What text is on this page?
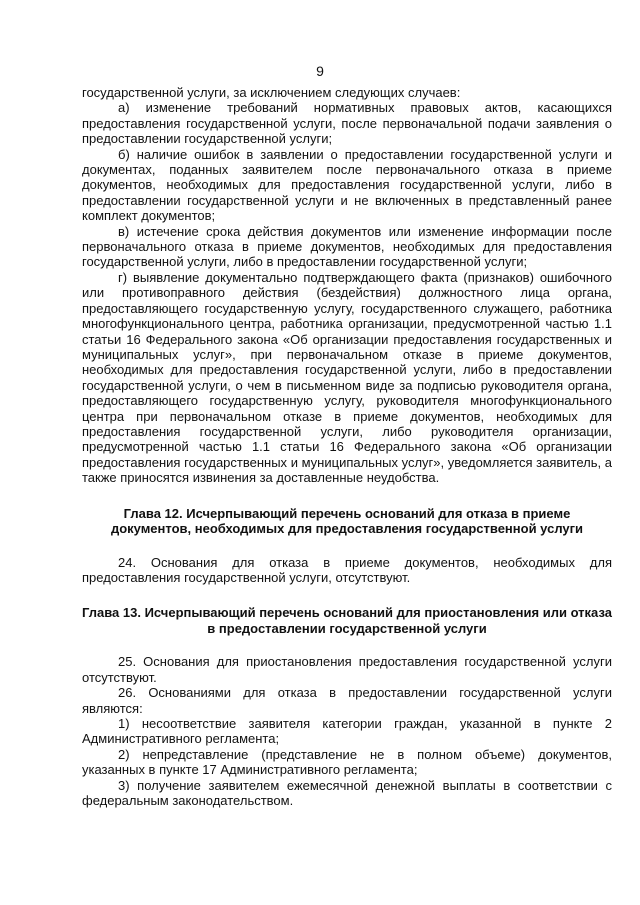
9

государственной услуги, за исключением следующих случаев:

а) изменение требований нормативных правовых актов, касающихся предоставления государственной услуги, после первоначальной подачи заявления о предоставлении государственной услуги;

б) наличие ошибок в заявлении о предоставлении государственной услуги и документах, поданных заявителем после первоначального отказа в приеме документов, необходимых для предоставления государственной услуги, либо в предоставлении государственной услуги и не включенных в представленный ранее комплект документов;

в) истечение срока действия документов или изменение информации после первоначального отказа в приеме документов, необходимых для предоставления государственной услуги, либо в предоставлении государственной услуги;

г) выявление документально подтверждающего факта (признаков) ошибочного или противоправного действия (бездействия) должностного лица органа, предоставляющего государственную услугу, государственного служащего, работника многофункционального центра, работника организации, предусмотренной частью 1.1 статьи 16 Федерального закона «Об организации предоставления государственных и муниципальных услуг», при первоначальном отказе в приеме документов, необходимых для предоставления государственной услуги, либо в предоставлении государственной услуги, о чем в письменном виде за подписью руководителя органа, предоставляющего государственную услугу, руководителя многофункционального центра при первоначальном отказе в приеме документов, необходимых для предоставления государственной услуги, либо руководителя организации, предусмотренной частью 1.1 статьи 16 Федерального закона «Об организации предоставления государственных и муниципальных услуг», уведомляется заявитель, а также приносятся извинения за доставленные неудобства.

Глава 12. Исчерпывающий перечень оснований для отказа в приеме документов, необходимых для предоставления государственной услуги

24. Основания для отказа в приеме документов, необходимых для предоставления государственной услуги, отсутствуют.

Глава 13. Исчерпывающий перечень оснований для приостановления или отказа в предоставлении государственной услуги

25. Основания для приостановления предоставления государственной услуги отсутствуют.

26. Основаниями для отказа в предоставлении государственной услуги являются:

1) несоответствие заявителя категории граждан, указанной в пункте 2 Административного регламента;

2) непредставление (представление не в полном объеме) документов, указанных в пункте 17 Административного регламента;

3) получение заявителем ежемесячной денежной выплаты в соответствии с федеральным законодательством.
